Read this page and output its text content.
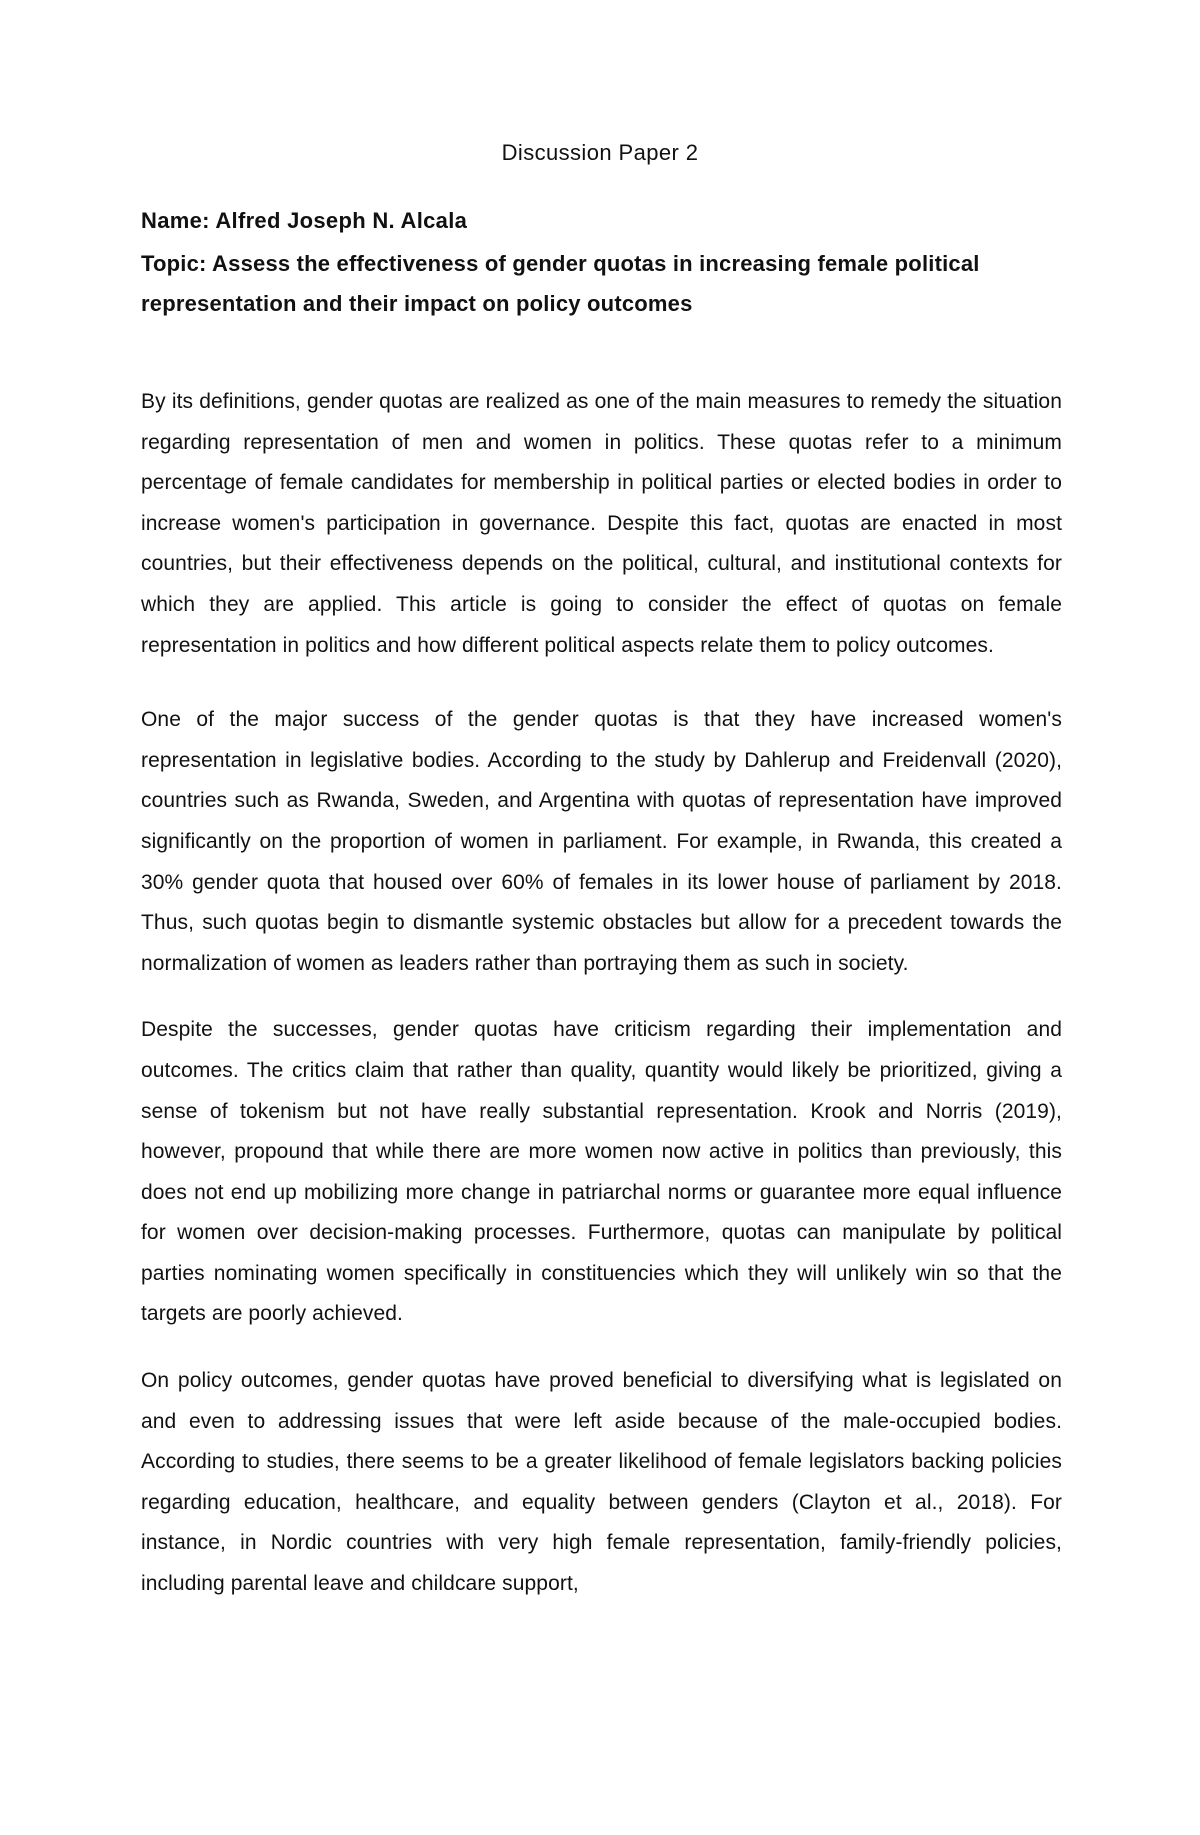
Discussion Paper 2

Name: Alfred Joseph N. Alcala

Topic: Assess the effectiveness of gender quotas in increasing female political representation and their impact on policy outcomes

By its definitions, gender quotas are realized as one of the main measures to remedy the situation regarding representation of men and women in politics. These quotas refer to a minimum percentage of female candidates for membership in political parties or elected bodies in order to increase women's participation in governance. Despite this fact, quotas are enacted in most countries, but their effectiveness depends on the political, cultural, and institutional contexts for which they are applied. This article is going to consider the effect of quotas on female representation in politics and how different political aspects relate them to policy outcomes.

One of the major success of the gender quotas is that they have increased women's representation in legislative bodies. According to the study by Dahlerup and Freidenvall (2020), countries such as Rwanda, Sweden, and Argentina with quotas of representation have improved significantly on the proportion of women in parliament. For example, in Rwanda, this created a 30% gender quota that housed over 60% of females in its lower house of parliament by 2018. Thus, such quotas begin to dismantle systemic obstacles but allow for a precedent towards the normalization of women as leaders rather than portraying them as such in society.

Despite the successes, gender quotas have criticism regarding their implementation and outcomes. The critics claim that rather than quality, quantity would likely be prioritized, giving a sense of tokenism but not have really substantial representation. Krook and Norris (2019), however, propound that while there are more women now active in politics than previously, this does not end up mobilizing more change in patriarchal norms or guarantee more equal influence for women over decision-making processes. Furthermore, quotas can manipulate by political parties nominating women specifically in constituencies which they will unlikely win so that the targets are poorly achieved.

On policy outcomes, gender quotas have proved beneficial to diversifying what is legislated on and even to addressing issues that were left aside because of the male-occupied bodies. According to studies, there seems to be a greater likelihood of female legislators backing policies regarding education, healthcare, and equality between genders (Clayton et al., 2018). For instance, in Nordic countries with very high female representation, family-friendly policies, including parental leave and childcare support,
